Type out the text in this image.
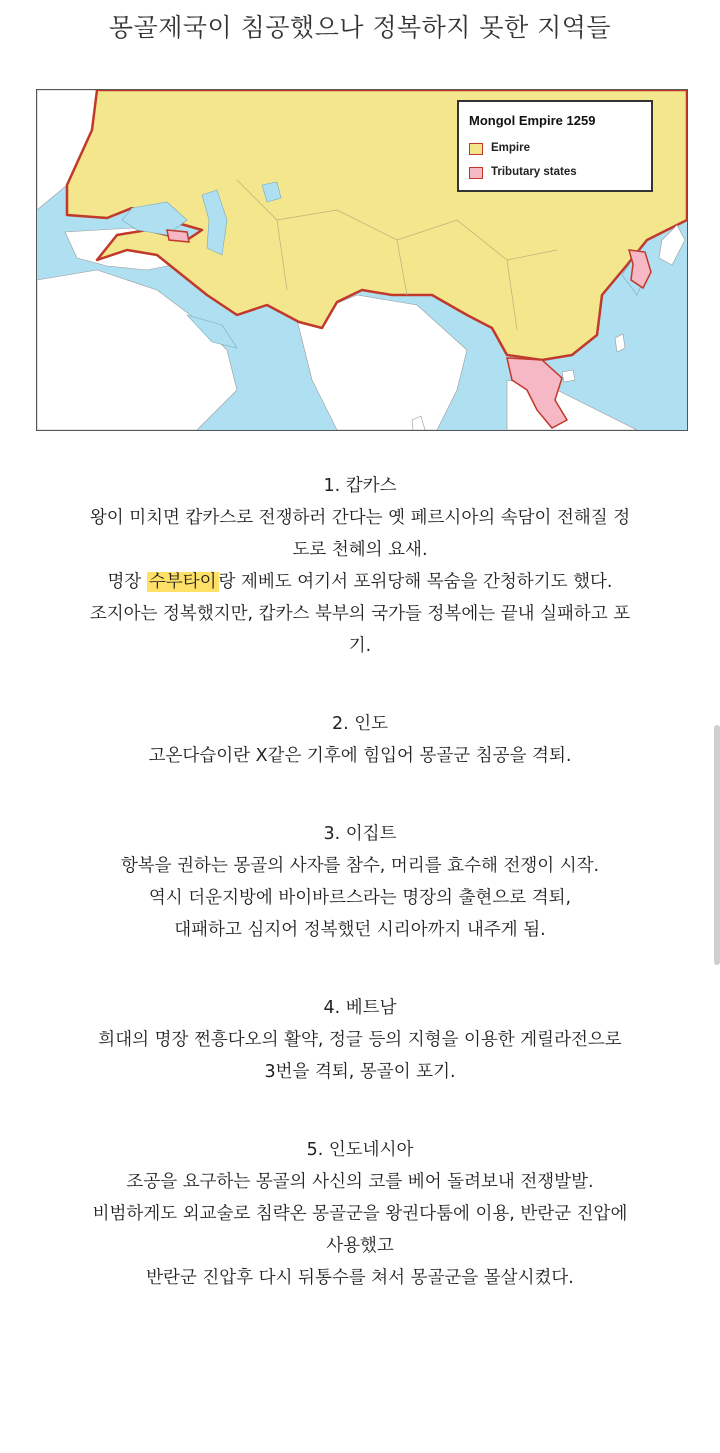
몽골제국이 침공했으나 정복하지 못한 지역들
Mongol Empire 1259
Empire
Tributary states

1. 캅카스

왕이 미치면 캅카스로 전쟁하러 간다는 옛 페르시아의 속담이 전해질 정

도로 천혜의 요새.

명장 수부타이 랑 제베도 여기서 포위당해 목숨을 간청하기도 했다.

조지아는 정복했지만, 캅카스 북부의 국가들 정복에는 끝내 실패하고 포

기.

2. 인도

고온다습이란 X같은 기후에 힘입어 몽골군 침공을 격퇴.

3. 이집트

항복을 권하는 몽골의 사자를 참수, 머리를 효수해 전쟁이 시작.

역시 더운지방에 바이바르스라는 명장의 출현으로 격퇴,

대패하고 심지어 정복했던 시리아까지 내주게 됨.

4. 베트남

희대의 명장 쩐흥다오의 활약, 정글 등의 지형을 이용한 게릴라전으로

3번을 격퇴, 몽골이 포기.

5. 인도네시아

조공을 요구하는 몽골의 사신의 코를 베어 돌려보내 전쟁발발.

비범하게도 외교술로 침략온 몽골군을 왕권다툼에 이용, 반란군 진압에

사용했고

반란군 진압후 다시 뒤통수를 쳐서 몽골군을 몰살시켰다.
